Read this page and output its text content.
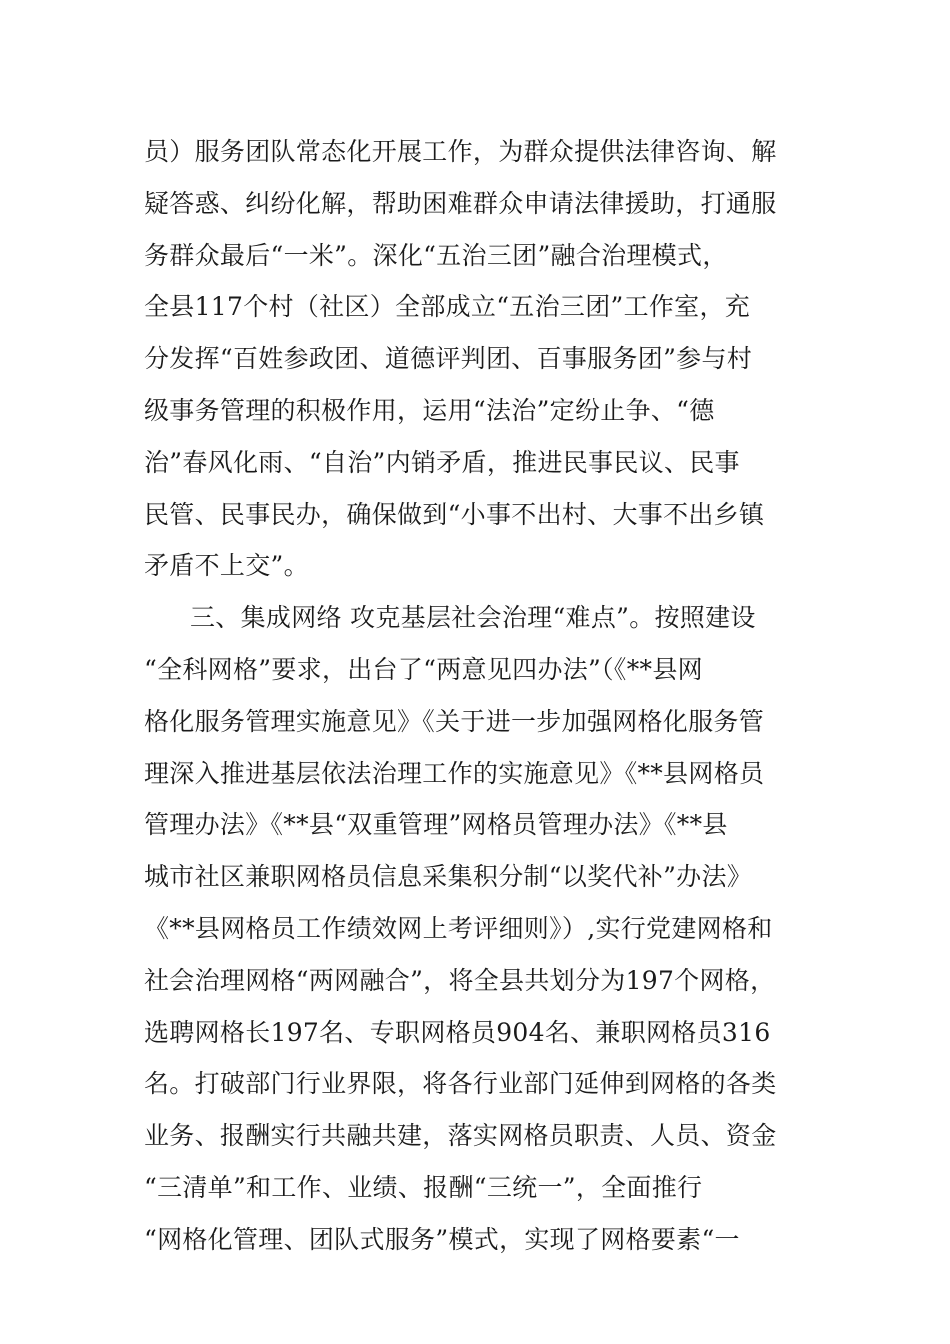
员）服务团队常态化开展工作，为群众提供法律咨询、解
疑答惑、纠纷化解，帮助困难群众申请法律援助，打通服
务群众最后“一米”。深化“五治三团”融合治理模式，
全县117个村（社区）全部成立“五治三团”工作室，充
分发挥“百姓参政团、道德评判团、百事服务团”参与村
级事务管理的积极作用，运用“法治”定纷止争、“德
治”春风化雨、“自治”内销矛盾，推进民事民议、民事
民管、民事民办，确保做到“小事不出村、大事不出乡镇
矛盾不上交”。
三、集成网络 攻克基层社会治理“难点”。按照建设
“全科网格”要求，出台了“两意见四办法”（《**县网
格化服务管理实施意见》《关于进一步加强网格化服务管
理深入推进基层依法治理工作的实施意见》《**县网格员
管理办法》《**县“双重管理”网格员管理办法》《**县
城市社区兼职网格员信息采集积分制“以奖代补”办法》
《**县网格员工作绩效网上考评细则》）,实行党建网格和
社会治理网格“两网融合”，将全县共划分为197个网格，
选聘网格长197名、专职网格员904名、兼职网格员316
名。打破部门行业界限，将各行业部门延伸到网格的各类
业务、报酬实行共融共建，落实网格员职责、人员、资金
“三清单”和工作、业绩、报酬“三统一”，全面推行
“网格化管理、团队式服务”模式，实现了网格要素“一
